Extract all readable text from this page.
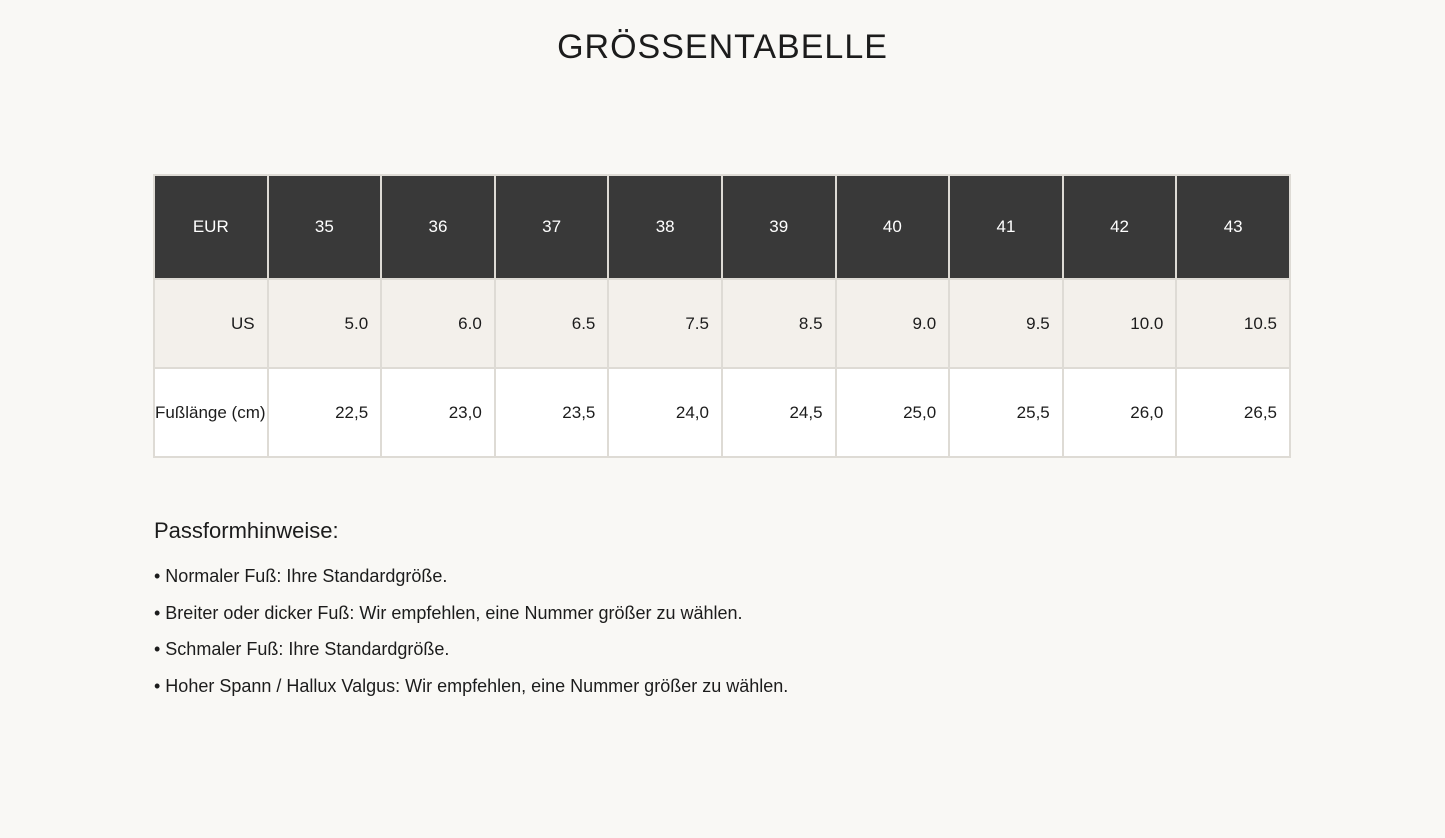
GRÖSSENTABELLE
EUR	35	36	37	38	39	40	41	42	43
US	5.0	6.0	6.5	7.5	8.5	9.0	9.5	10.0	10.5
Fußlänge (cm)	22,5	23,0	23,5	24,0	24,5	25,0	25,5	26,0	26,5
Passformhinweise:
• Normaler Fuß: Ihre Standardgröße.
• Breiter oder dicker Fuß: Wir empfehlen, eine Nummer größer zu wählen.
• Schmaler Fuß: Ihre Standardgröße.
• Hoher Spann / Hallux Valgus: Wir empfehlen, eine Nummer größer zu wählen.
